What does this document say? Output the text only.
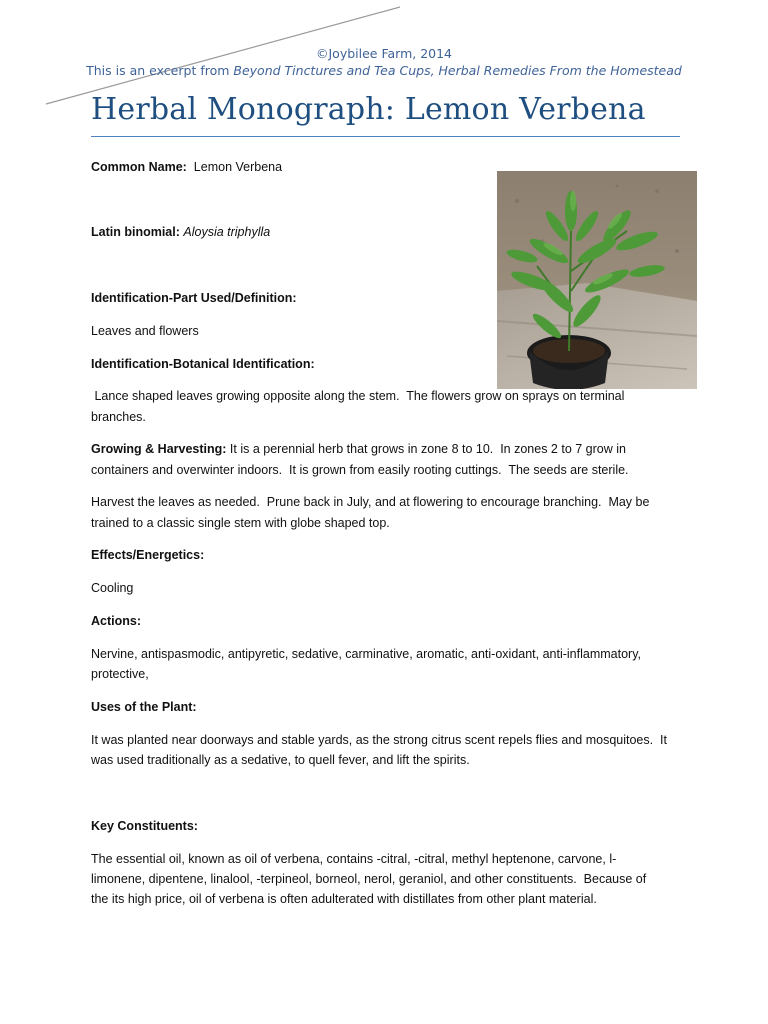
©Joybilee Farm, 2014
This is an excerpt from Beyond Tinctures and Tea Cups, Herbal Remedies From the Homestead
Herbal Monograph: Lemon Verbena

Common Name: Lemon Verbena

Latin binomial: Aloysia triphylla

Identification-Part Used/Definition:

Leaves and flowers

Identification-Botanical Identification:

Lance shaped leaves growing opposite along the stem.  The flowers grow on sprays on terminal

branches.

Growing & Harvesting: It is a perennial herb that grows in zone 8 to 10.  In zones 2 to 7 grow in

containers and overwinter indoors.  It is grown from easily rooting cuttings.  The seeds are sterile.

Harvest the leaves as needed.  Prune back in July, and at flowering to encourage branching.  May be

trained to a classic single stem with globe shaped top.

Effects/Energetics:

Cooling

Actions:

Nervine, antispasmodic, antipyretic, sedative, carminative, aromatic, anti-oxidant, anti-inflammatory,

protective,

Uses of the Plant:

It was planted near doorways and stable yards, as the strong citrus scent repels flies and mosquitoes.  It

was used traditionally as a sedative, to quell fever, and lift the spirits.

Key Constituents:

The essential oil, known as oil of verbena, contains -citral, -citral, methyl heptenone, carvone, l-

limonene, dipentene, linalool, -terpineol, borneol, nerol, geraniol, and other constituents.  Because of

the its high price, oil of verbena is often adulterated with distillates from other plant material.
